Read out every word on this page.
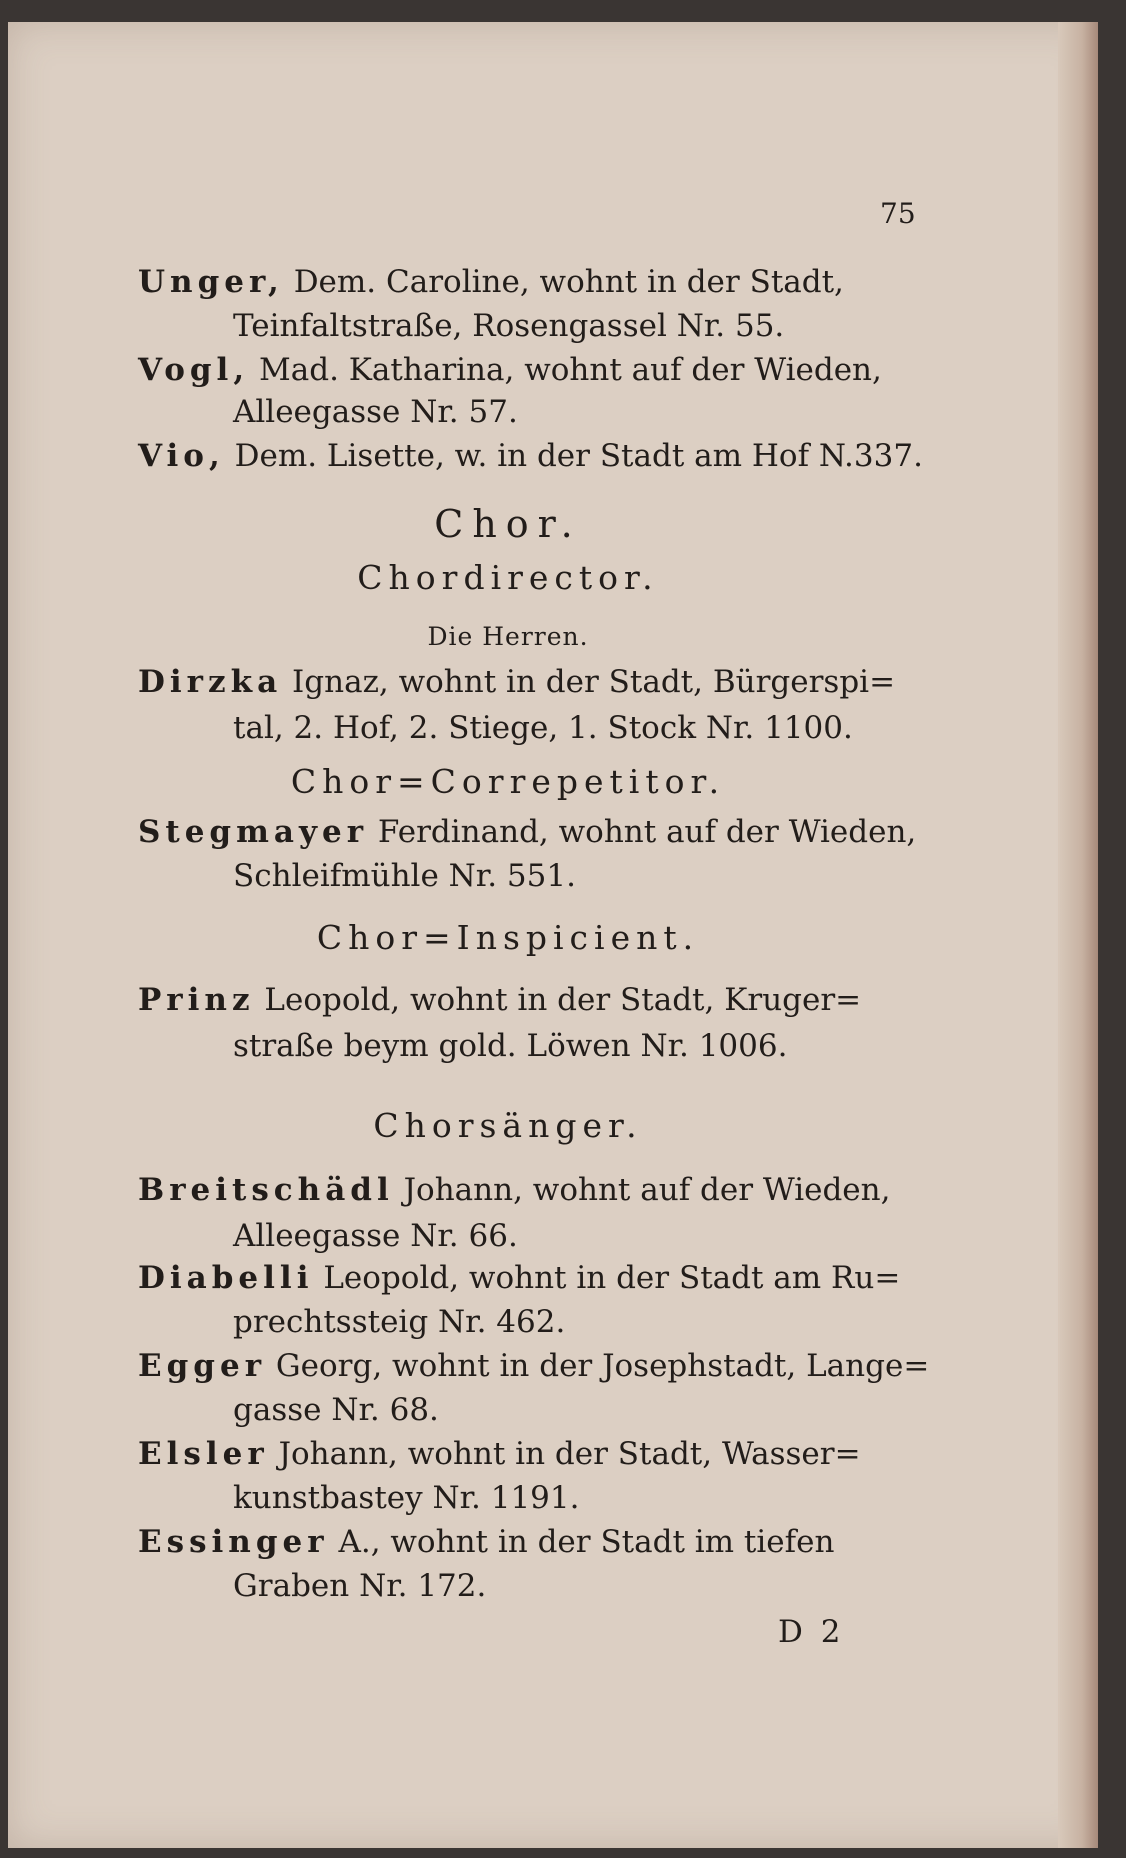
75
Unger, Dem. Caroline, wohnt in der Stadt,
Teinfaltstraße, Rosengassel Nr. 55.
Vogl, Mad. Katharina, wohnt auf der Wieden,
Alleegasse Nr. 57.
Vio, Dem. Lisette, w. in der Stadt am Hof N.337.
Chor.
Chordirector.
Die Herren.
Dirzka Ignaz, wohnt in der Stadt, Bürgerspi=
tal, 2. Hof, 2. Stiege, 1. Stock Nr. 1100.
Chor=Correpetitor.
Stegmayer Ferdinand, wohnt auf der Wieden,
Schleifmühle Nr. 551.
Chor=Inspicient.
Prinz Leopold, wohnt in der Stadt, Kruger=
straße beym gold. Löwen Nr. 1006.
Chorsänger.
Breitschädl Johann, wohnt auf der Wieden,
Alleegasse Nr. 66.
Diabelli Leopold, wohnt in der Stadt am Ru=
prechtssteig Nr. 462.
Egger Georg, wohnt in der Josephstadt, Lange=
gasse Nr. 68.
Elsler Johann, wohnt in der Stadt, Wasser=
kunstbastey Nr. 1191.
Essinger A., wohnt in der Stadt im tiefen
Graben Nr. 172.
D 2
